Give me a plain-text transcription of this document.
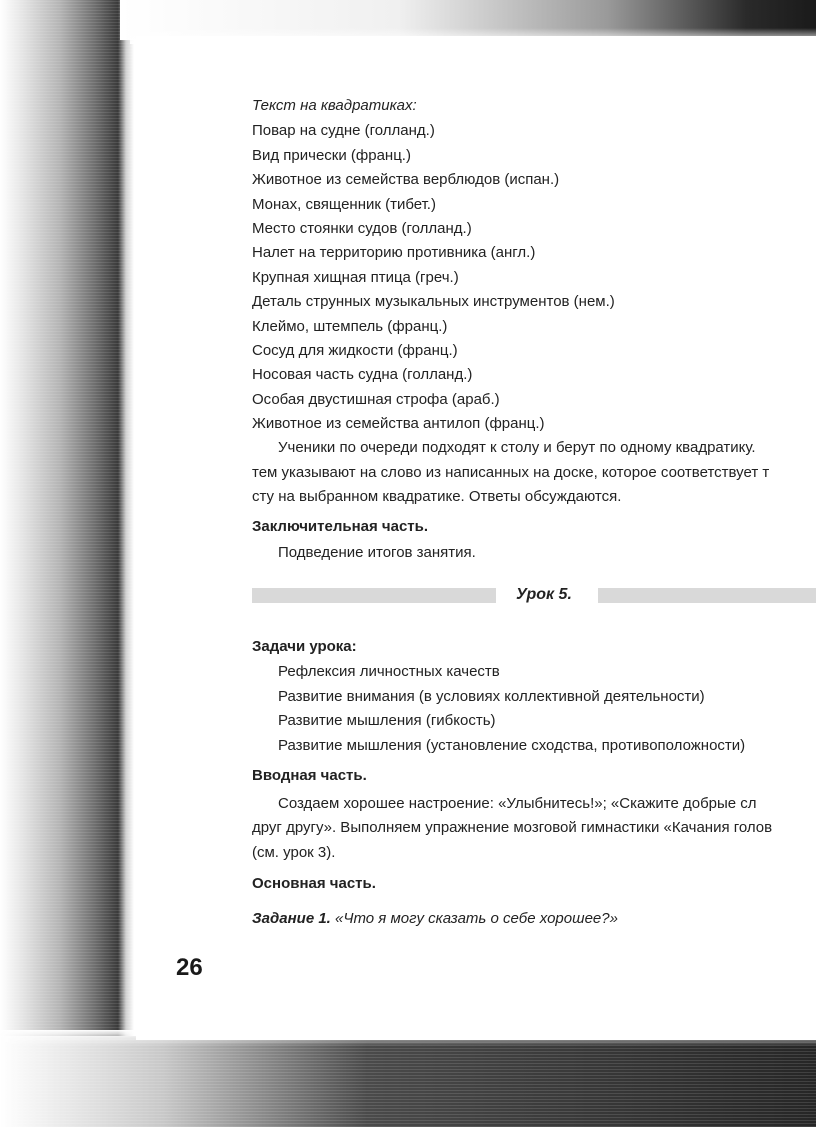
Текст на квадратиках:
Повар на судне (голланд.)
Вид прически (франц.)
Животное из семейства верблюдов (испан.)
Монах, священник (тибет.)
Место стоянки судов (голланд.)
Налет на территорию противника (англ.)
Крупная хищная птица (греч.)
Деталь струнных музыкальных инструментов (нем.)
Клеймо, штемпель (франц.)
Сосуд для жидкости (франц.)
Носовая часть судна (голланд.)
Особая двустишная строфа (араб.)
Животное из семейства антилоп (франц.)
Ученики по очереди подходят к столу и берут по одному квадратику.
тем указывают на слово из написанных на доске, которое соответствует т
сту на выбранном квадратике. Ответы обсуждаются.
Заключительная часть.
Подведение итогов занятия.
Урок 5.
Задачи урока:
Рефлексия личностных качеств
Развитие внимания (в условиях коллективной деятельности)
Развитие мышления (гибкость)
Развитие мышления (установление сходства, противоположности)
Вводная часть.
Создаем хорошее настроение: «Улыбнитесь!»; «Скажите добрые сл
друг другу». Выполняем упражнение мозговой гимнастики «Качания голов
(см. урок 3).
Основная часть.
Задание 1. «Что я могу сказать о себе хорошее?»
26
